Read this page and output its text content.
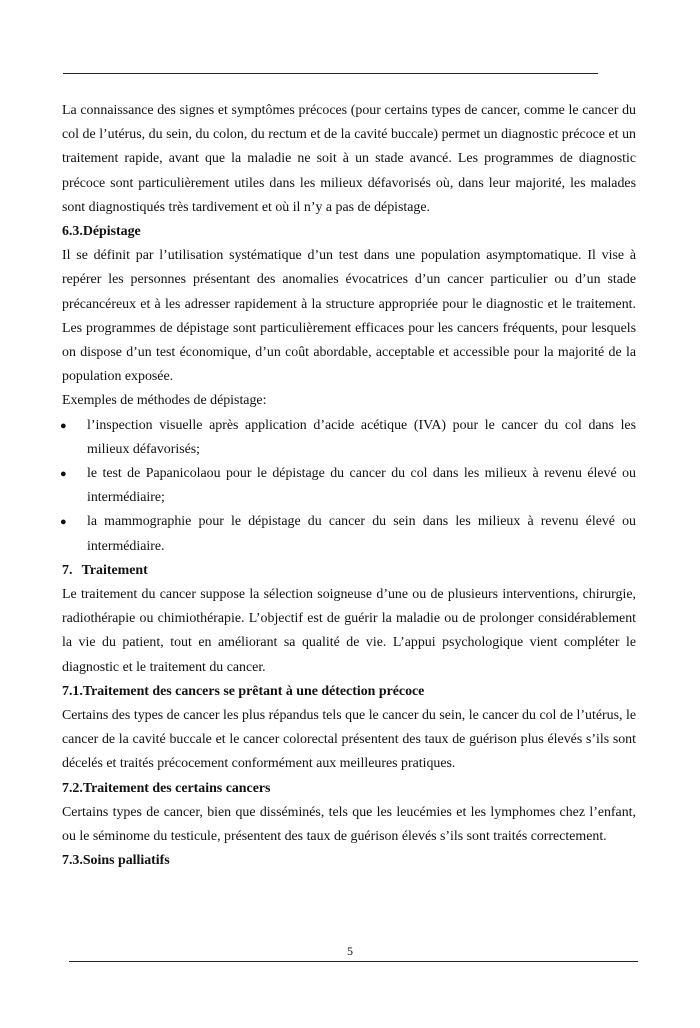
La connaissance des signes et symptômes précoces (pour certains types de cancer, comme le cancer du col de l’utérus, du sein, du colon, du rectum et de la cavité buccale) permet un diagnostic précoce et un traitement rapide, avant que la maladie ne soit à un stade avancé. Les programmes de diagnostic précoce sont particulièrement utiles dans les milieux défavorisés où, dans leur majorité, les malades sont diagnostiqués très tardivement et où il n’y a pas de dépistage.

6.3.Dépistage

Il se définit par l’utilisation systématique d’un test dans une population asymptomatique. Il vise à repérer les personnes présentant des anomalies évocatrices d’un cancer particulier ou d’un stade précancéreux et à les adresser rapidement à la structure appropriée pour le diagnostic et le traitement. Les programmes de dépistage sont particulièrement efficaces pour les cancers fréquents, pour lesquels on dispose d’un test économique, d’un coût abordable, acceptable et accessible pour la majorité de la population exposée.

Exemples de méthodes de dépistage:

● l’inspection visuelle après application d’acide acétique (IVA) pour le cancer du col dans les milieux défavorisés;
● le test de Papanicolaou pour le dépistage du cancer du col dans les milieux à revenu élevé ou intermédiaire;
● la mammographie pour le dépistage du cancer du sein dans les milieux à revenu élevé ou intermédiaire.
7. Traitement

Le traitement du cancer suppose la sélection soigneuse d’une ou de plusieurs interventions, chirurgie, radiothérapie ou chimiothérapie. L’objectif est de guérir la maladie ou de prolonger considérablement la vie du patient, tout en améliorant sa qualité de vie. L’appui psychologique vient compléter le diagnostic et le traitement du cancer.

7.1.Traitement des cancers se prêtant à une détection précoce

Certains des types de cancer les plus répandus tels que le cancer du sein, le cancer du col de l’utérus, le cancer de la cavité buccale et le cancer colorectal présentent des taux de guérison plus élevés s’ils sont décelés et traités précocement conformément aux meilleures pratiques.

7.2.Traitement des certains cancers

Certains types de cancer, bien que disséminés, tels que les leucémies et les lymphomes chez l’enfant, ou le séminome du testicule, présentent des taux de guérison élevés s’ils sont traités correctement.

7.3.Soins palliatifs
5
